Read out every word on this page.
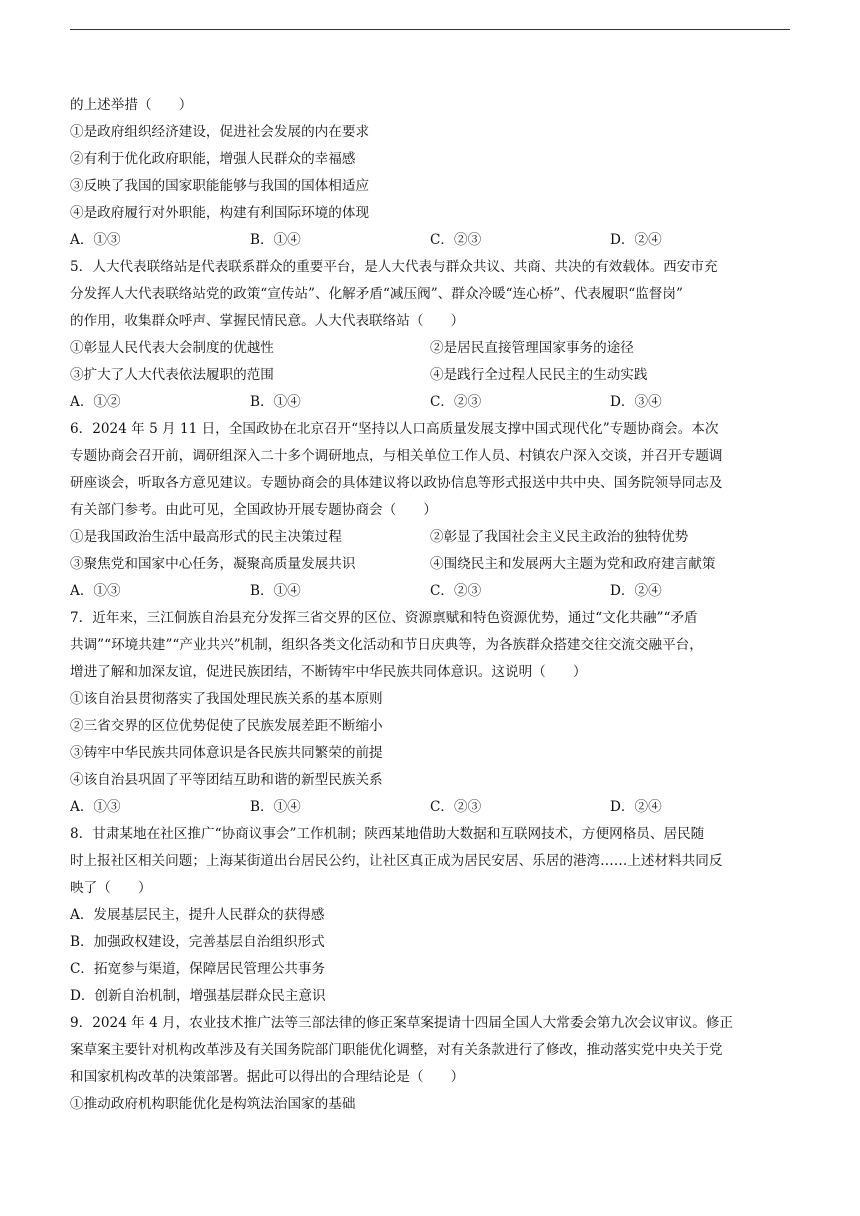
的上述举措（　　）

①是政府组织经济建设，促进社会发展的内在要求

②有利于优化政府职能，增强人民群众的幸福感

③反映了我国的国家职能能够与我国的国体相适应

④是政府履行对外职能，构建有利国际环境的体现

A．①③	B．①④	C．②③	D．②④

5．人大代表联络站是代表联系群众的重要平台，是人大代表与群众共议、共商、共决的有效载体。西安市充

分发挥人大代表联络站党的政策“宣传站”、化解矛盾“减压阀”、群众冷暖“连心桥”、代表履职“监督岗”

的作用，收集群众呼声、掌握民情民意。人大代表联络站（　　）

①彰显人民代表大会制度的优越性	②是居民直接管理国家事务的途径
③扩大了人大代表依法履职的范围	④是践行全过程人民民主的生动实践
A．①②	B．①④	C．②③	D．③④

6．2024 年 5 月 11 日，全国政协在北京召开“坚持以人口高质量发展支撑中国式现代化”专题协商会。本次

专题协商会召开前，调研组深入二十多个调研地点，与相关单位工作人员、村镇农户深入交谈，并召开专题调

研座谈会，听取各方意见建议。专题协商会的具体建议将以政协信息等形式报送中共中央、国务院领导同志及

有关部门参考。由此可见，全国政协开展专题协商会（　　）

①是我国政治生活中最高形式的民主决策过程	②彰显了我国社会主义民主政治的独特优势
③聚焦党和国家中心任务，凝聚高质量发展共识	④围绕民主和发展两大主题为党和政府建言献策
A．①③	B．①④	C．②③	D．②④

7．近年来，三江侗族自治县充分发挥三省交界的区位、资源禀赋和特色资源优势，通过“文化共融”“矛盾

共调”“环境共建”“产业共兴”机制，组织各类文化活动和节日庆典等，为各族群众搭建交往交流交融平台，

增进了解和加深友谊，促进民族团结，不断铸牢中华民族共同体意识。这说明（　　）

①该自治县贯彻落实了我国处理民族关系的基本原则

②三省交界的区位优势促使了民族发展差距不断缩小

③铸牢中华民族共同体意识是各民族共同繁荣的前提

④该自治县巩固了平等团结互助和谐的新型民族关系

A．①③	B．①④	C．②③	D．②④

8．甘肃某地在社区推广“协商议事会”工作机制；陕西某地借助大数据和互联网技术，方便网格员、居民随

时上报社区相关问题；上海某街道出台居民公约，让社区真正成为居民安居、乐居的港湾……上述材料共同反

映了（　　）

A．发展基层民主，提升人民群众的获得感

B．加强政权建设，完善基层自治组织形式

C．拓宽参与渠道，保障居民管理公共事务

D．创新自治机制，增强基层群众民主意识

9．2024 年 4 月，农业技术推广法等三部法律的修正案草案提请十四届全国人大常委会第九次会议审议。修正

案草案主要针对机构改革涉及有关国务院部门职能优化调整，对有关条款进行了修改，推动落实党中央关于党

和国家机构改革的决策部署。据此可以得出的合理结论是（　　）

①推动政府机构职能优化是构筑法治国家的基础
